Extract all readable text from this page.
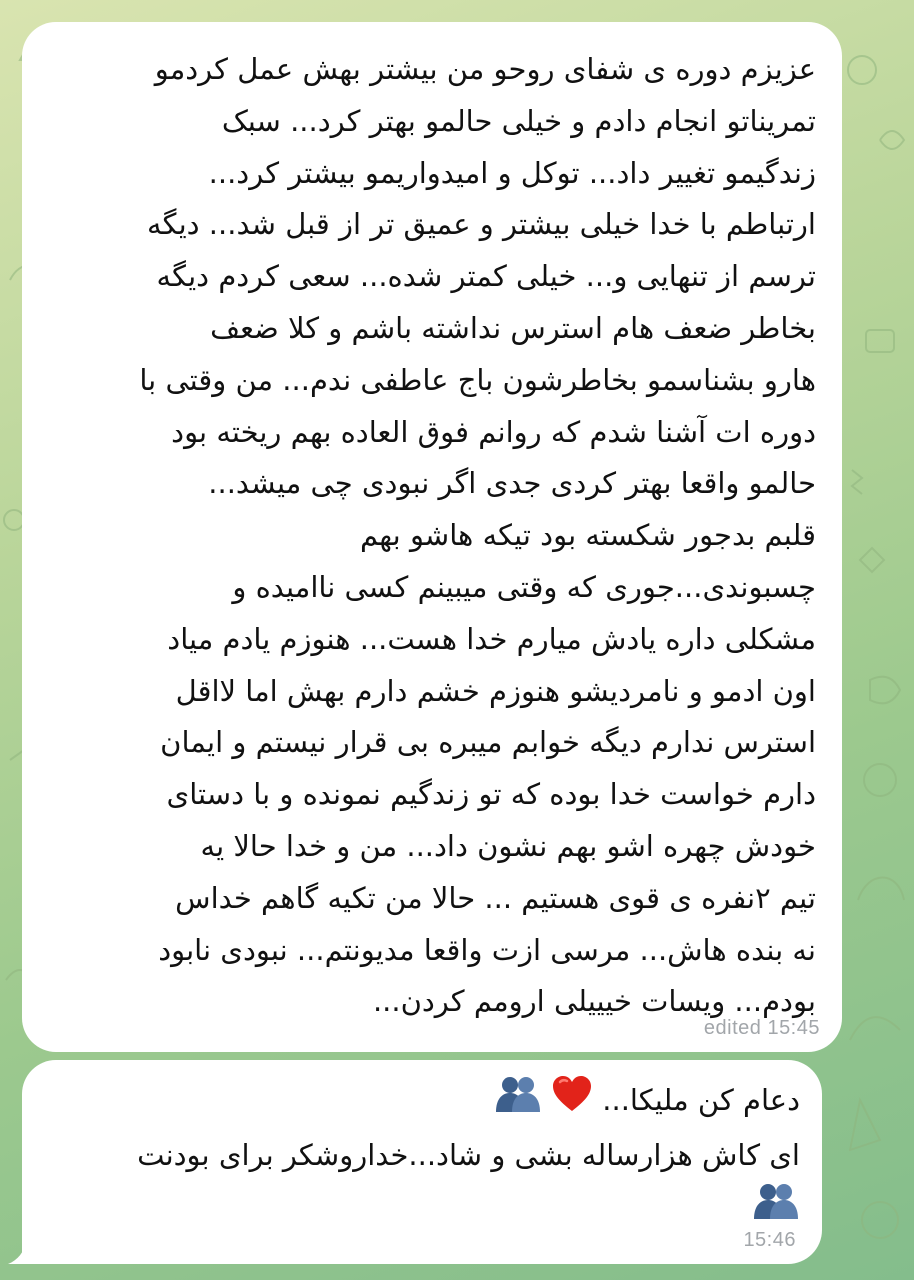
عزیزم دوره ی شفای روحو من بیشتر بهش عمل کردمو
تمریناتو انجام دادم و خیلی حالمو بهتر کرد... سبک
زندگیمو تغییر داد... توکل و امیدواریمو بیشتر کرد...
ارتباطم با خدا خیلی بیشتر و عمیق تر از قبل شد... دیگه
ترسم از تنهایی و... خیلی کمتر شده... سعی کردم دیگه
بخاطر ضعف هام استرس نداشته باشم و کلا ضعف
هارو بشناسمو بخاطرشون باج عاطفی ندم... من وقتی با
دوره ات آشنا شدم که روانم فوق العاده بهم ریخته بود
حالمو واقعا بهتر کردی جدی اگر نبودی چی میشد...
قلبم بدجور شکسته بود تیکه هاشو بهم
چسبوندی...جوری که وقتی میبینم کسی ناامیده و
مشکلی داره یادش میارم خدا هست... هنوزم یادم میاد
اون ادمو و نامردیشو هنوزم خشم دارم بهش اما لااقل
استرس ندارم دیگه خوابم میبره بی قرار نیستم و ایمان
دارم خواست خدا بوده که تو زندگیم نمونده و با دستای
خودش چهره اشو بهم نشون داد... من و خدا حالا یه
تیم ۲نفره ی قوی هستیم ... حالا من تکیه گاهم خداس
نه بنده هاش... مرسی ازت واقعا مدیونتم... نبودی نابود
بودم... ویسات خیییلی ارومم کردن...
edited 15:45
دعام کن ملیکا...
ای کاش هزارساله بشی و شاد...خداروشکر برای بودنت
15:46
